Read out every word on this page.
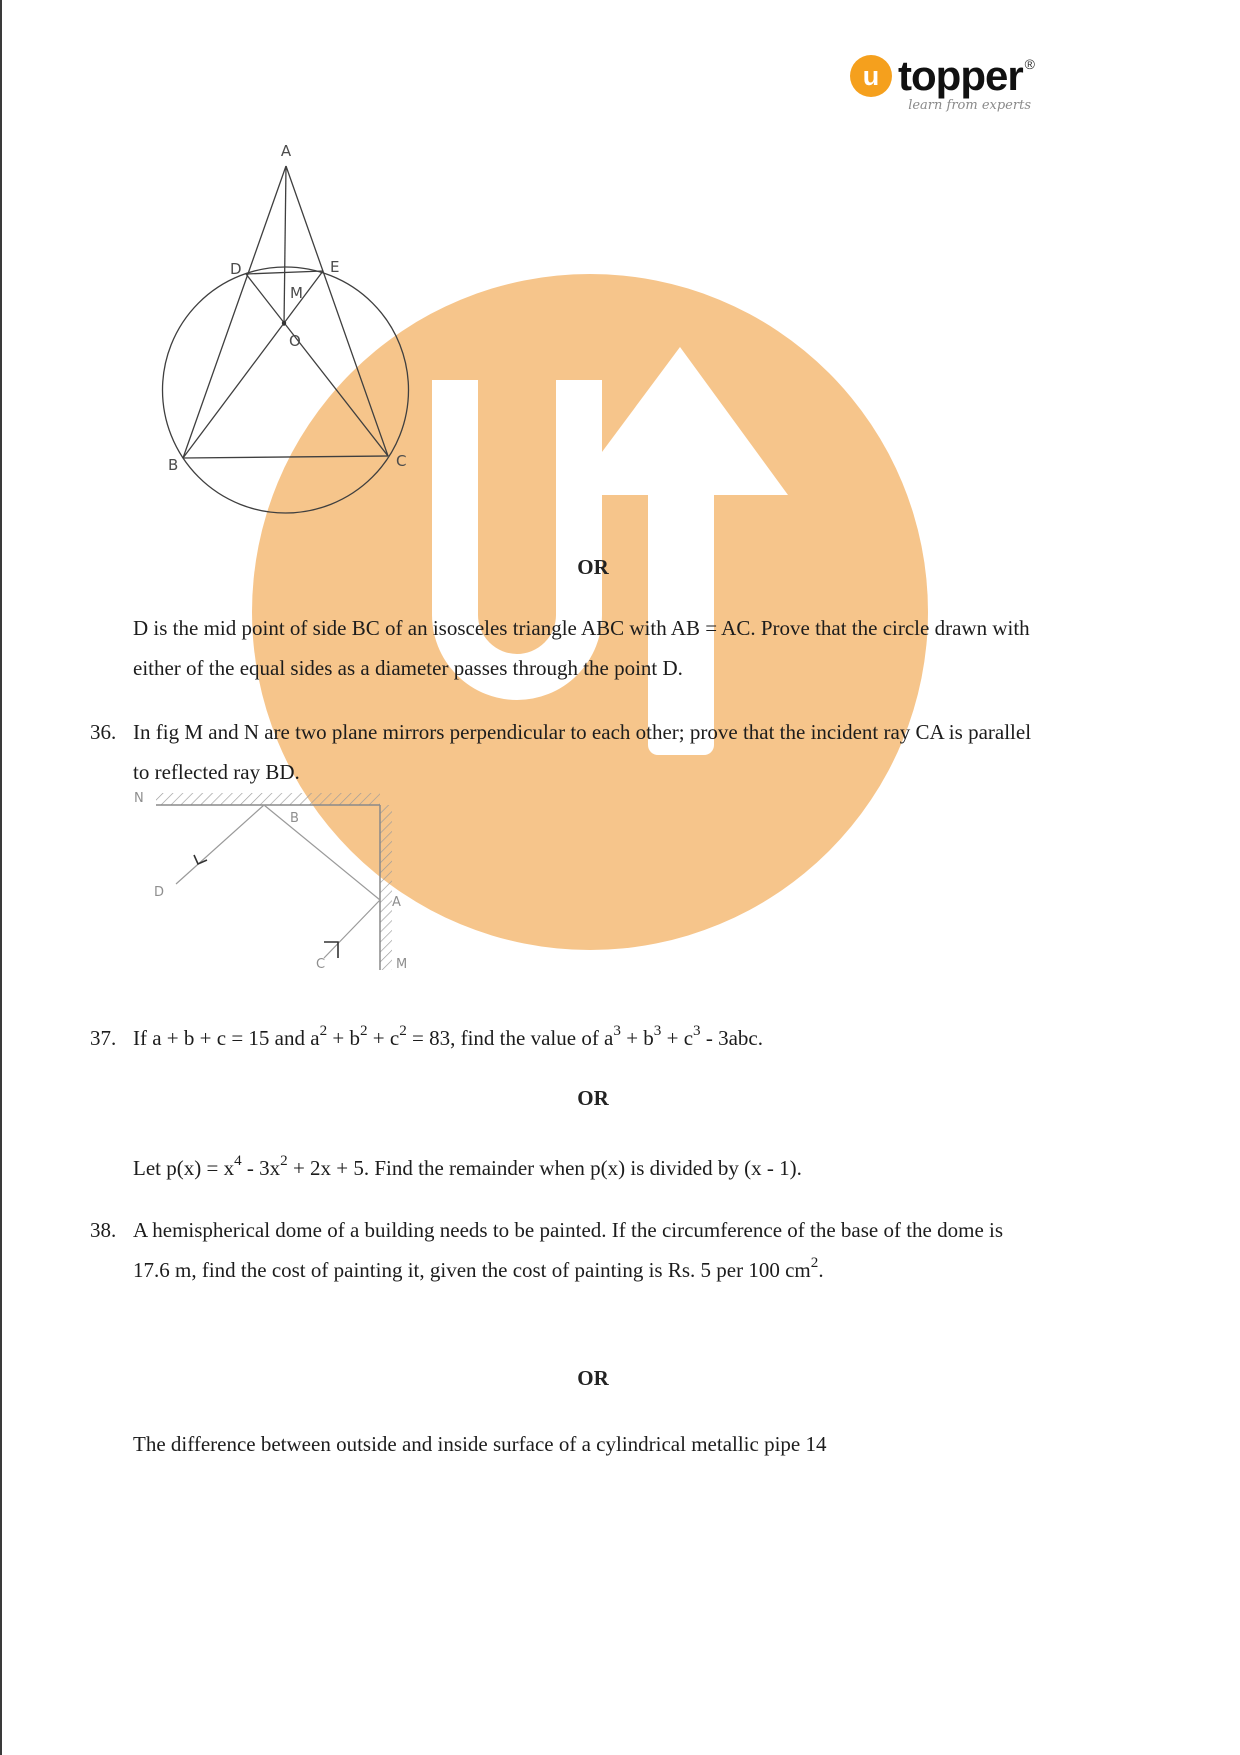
u topper ®
learn from experts
A
B	C
D	E
M
O
OR

D is the mid point of side BC of an isosceles triangle ABC with AB = AC. Prove that the circle drawn with either of the equal sides as a diameter passes through the point D.

36. In fig M and N are two plane mirrors perpendicular to each other; prove that the incident ray CA is parallel to reflected ray BD.

N
B
D
A
C	M
37. If a + b + c = 15 and $a^2 + b^2 + c^2 = 83$, find the value of $a^3 + b^3 + c^3 - 3abc$.

OR

Let $p(x) = x^4 - 3x^2 + 2x + 5$. Find the remainder when p(x) is divided by (x - 1).

38. A hemispherical dome of a building needs to be painted. If the circumference of the base of the dome is 17.6 m, find the cost of painting it, given the cost of painting is Rs. 5 per 100 $cm^2$.

OR

The difference between outside and inside surface of a cylindrical metallic pipe 14
